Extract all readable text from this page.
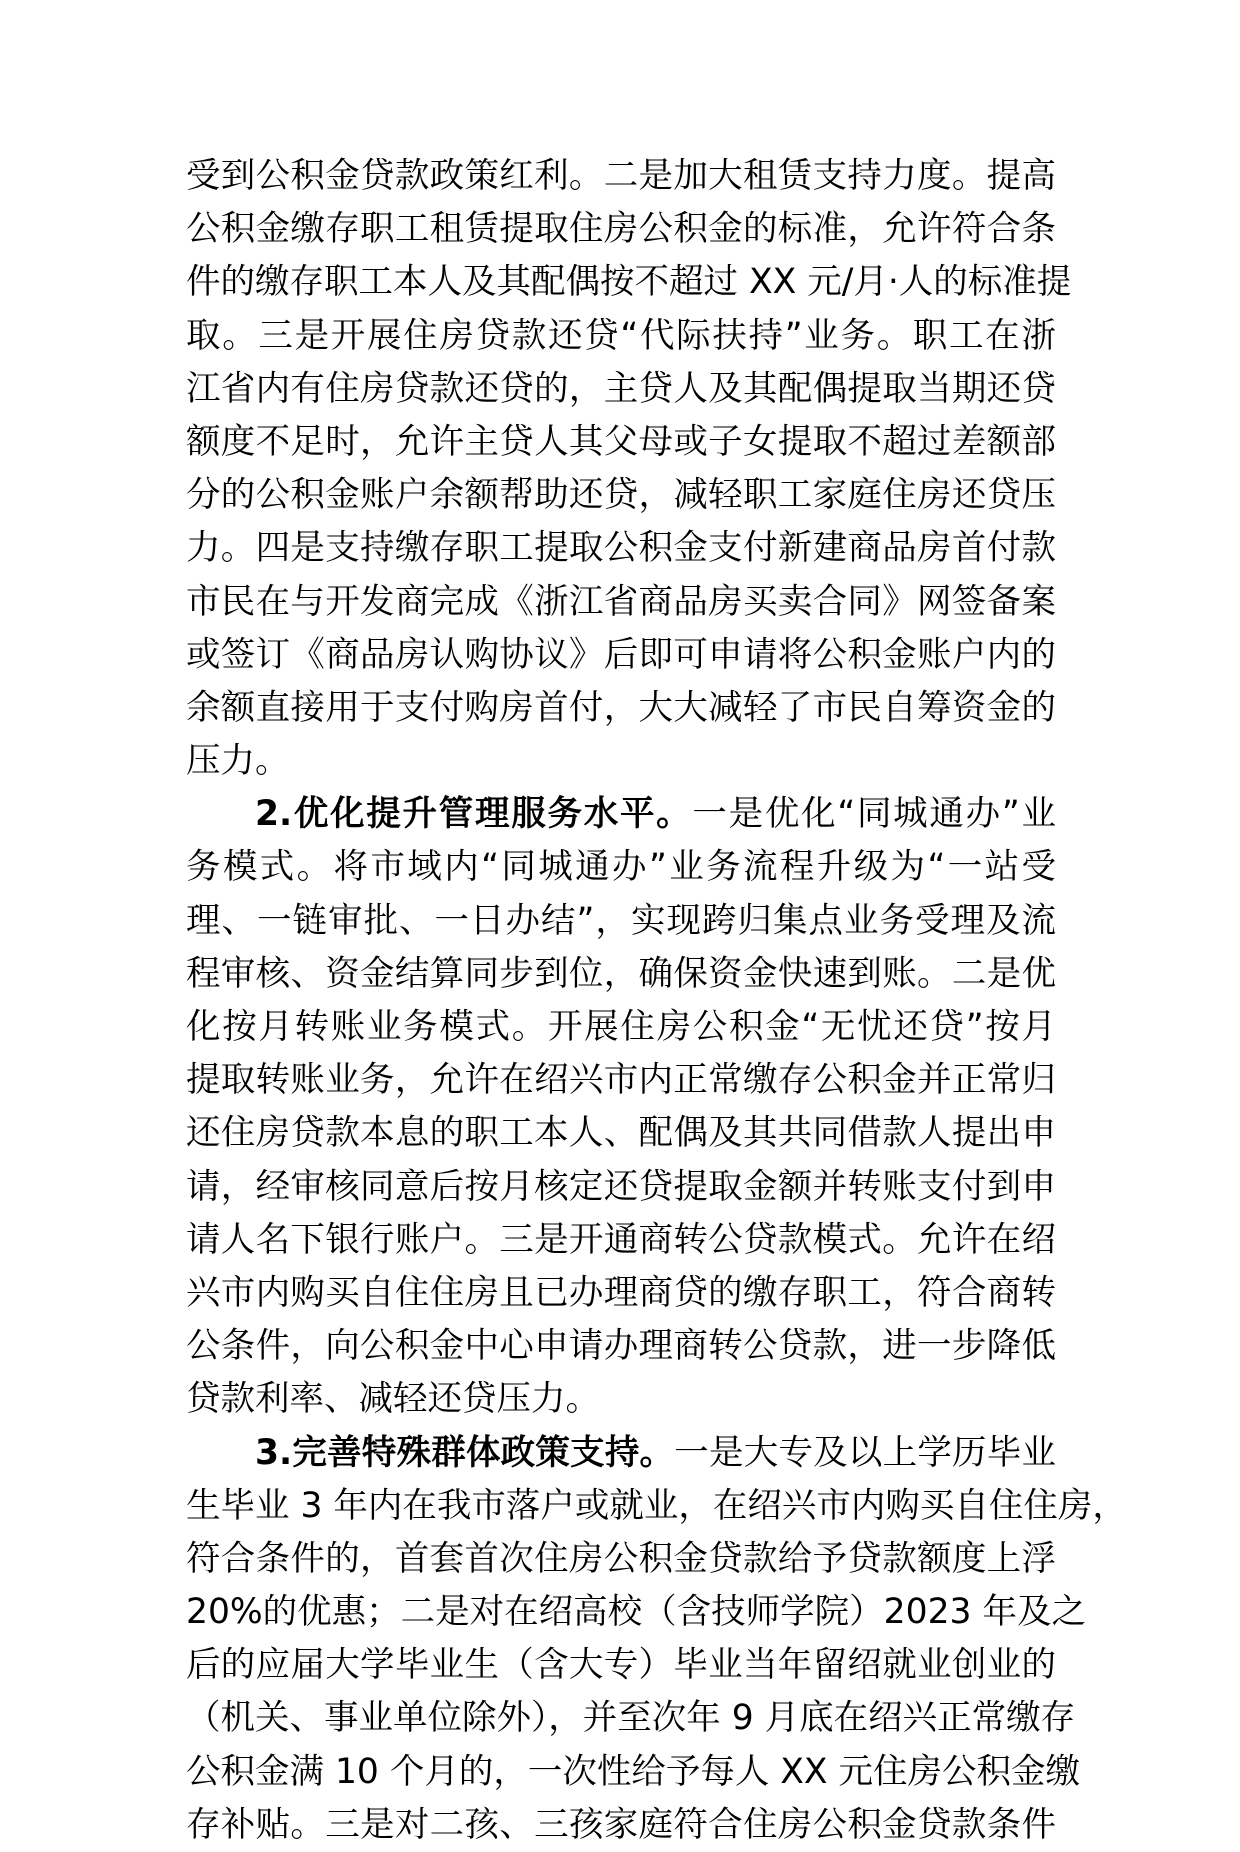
受到公积金贷款政策红利。二是加大租赁支持力度。提高
公积金缴存职工租赁提取住房公积金的标准，允许符合条
件的缴存职工本人及其配偶按不超过 XX 元/月·人的标准提
取。三是开展住房贷款还贷“代际扶持”业务。职工在浙
江省内有住房贷款还贷的，主贷人及其配偶提取当期还贷
额度不足时，允许主贷人其父母或子女提取不超过差额部
分的公积金账户余额帮助还贷，减轻职工家庭住房还贷压
力。四是支持缴存职工提取公积金支付新建商品房首付款
市民在与开发商完成《浙江省商品房买卖合同》网签备案
或签订《商品房认购协议》后即可申请将公积金账户内的
余额直接用于支付购房首付，大大减轻了市民自筹资金的
压力。
2.优化提升管理服务水平。一是优化“同城通办”业
务模式。将市域内“同城通办”业务流程升级为“一站受
理、一链审批、一日办结”，实现跨归集点业务受理及流
程审核、资金结算同步到位，确保资金快速到账。二是优
化按月转账业务模式。开展住房公积金“无忧还贷”按月
提取转账业务，允许在绍兴市内正常缴存公积金并正常归
还住房贷款本息的职工本人、配偶及其共同借款人提出申
请，经审核同意后按月核定还贷提取金额并转账支付到申
请人名下银行账户。三是开通商转公贷款模式。允许在绍
兴市内购买自住住房且已办理商贷的缴存职工，符合商转
公条件，向公积金中心申请办理商转公贷款，进一步降低
贷款利率、减轻还贷压力。
3.完善特殊群体政策支持。一是大专及以上学历毕业
生毕业 3 年内在我市落户或就业，在绍兴市内购买自住住房，
符合条件的，首套首次住房公积金贷款给予贷款额度上浮
20%的优惠；二是对在绍高校（含技师学院）2023 年及之
后的应届大学毕业生（含大专）毕业当年留绍就业创业的
（机关、事业单位除外），并至次年 9 月底在绍兴正常缴存
公积金满 10 个月的，一次性给予每人 XX 元住房公积金缴
存补贴。三是对二孩、三孩家庭符合住房公积金贷款条件
